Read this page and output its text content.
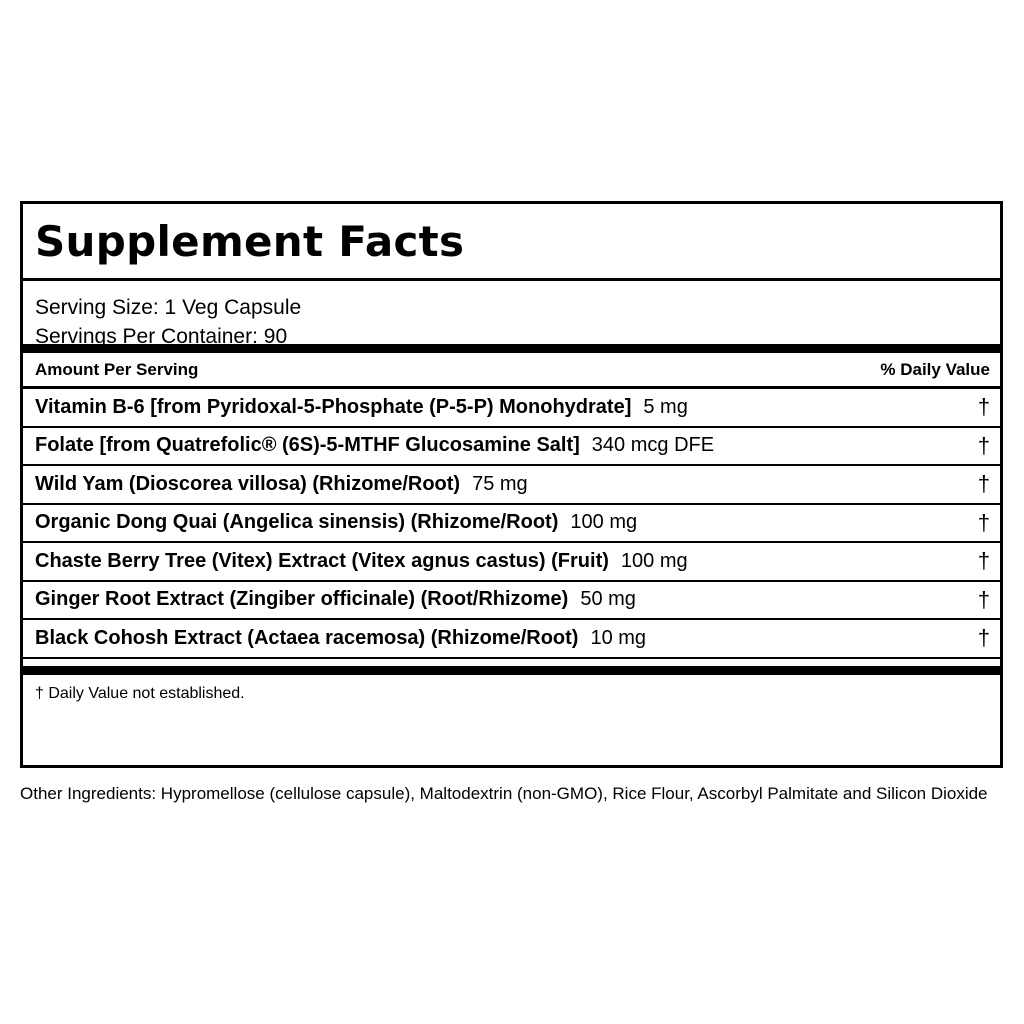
Supplement Facts
Serving Size: 1 Veg Capsule
Servings Per Container: 90
Amount Per Serving	% Daily Value
Vitamin B-6 [from Pyridoxal-5-Phosphate (P-5-P) Monohydrate] 5 mg	†
Folate [from Quatrefolic® (6S)-5-MTHF Glucosamine Salt] 340 mcg DFE	†
Wild Yam (Dioscorea villosa) (Rhizome/Root) 75 mg	†
Organic Dong Quai (Angelica sinensis) (Rhizome/Root) 100 mg	†
Chaste Berry Tree (Vitex) Extract (Vitex agnus castus) (Fruit) 100 mg	†
Ginger Root Extract (Zingiber officinale) (Root/Rhizome) 50 mg	†
Black Cohosh Extract (Actaea racemosa) (Rhizome/Root) 10 mg	†
† Daily Value not established.
Other Ingredients: Hypromellose (cellulose capsule), Maltodextrin (non-GMO), Rice Flour, Ascorbyl Palmitate and Silicon Dioxide
